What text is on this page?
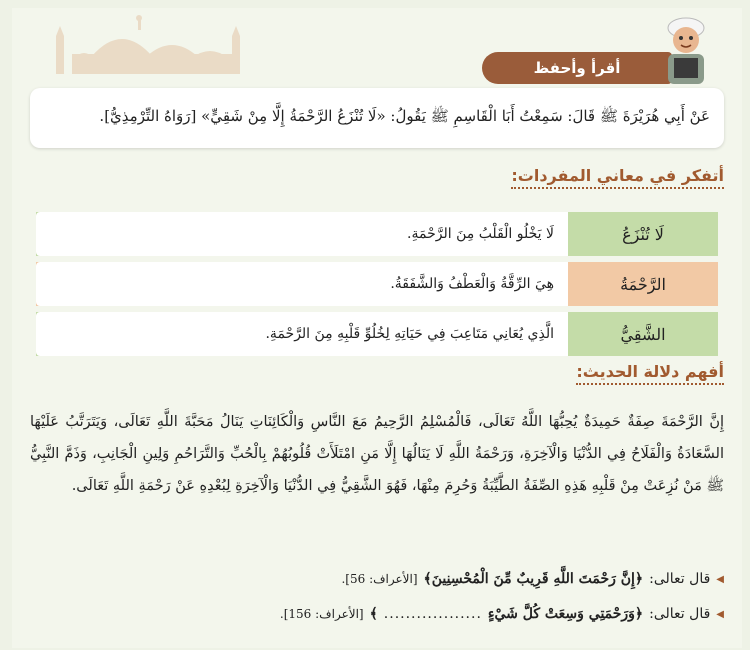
أقرأ وأحفظ
عَنْ أَبِي هُرَيْرَةَ ﷺ قَالَ: سَمِعْتُ أَبَا الْقَاسِمِ ﷺ يَقُولُ: «لَا تُنْزَعُ الرَّحْمَةُ إِلَّا مِنْ شَقِيٍّ» [رَوَاهُ التِّرْمِذِيُّ].
أتفكر في معاني المفردات:
لَا تُنْزَعُ
لَا يَخْلُو الْقَلْبُ مِنَ الرَّحْمَةِ.
الرَّحْمَةُ
هِيَ الرِّقَّةُ وَالْعَطْفُ وَالشَّفَقَةُ.
الشَّقِيُّ
الَّذِي يُعَانِي مَتَاعِبَ فِي حَيَاتِهِ لِخُلُوِّ قَلْبِهِ مِنَ الرَّحْمَةِ.
أفهم دلالة الحديث:
إِنَّ الرَّحْمَةَ صِفَةٌ حَمِيدَةٌ يُحِبُّهَا اللَّهُ تَعَالَى، فَالْمُسْلِمُ الرَّحِيمُ مَعَ النَّاسِ وَالْكَائِنَاتِ يَنَالُ مَحَبَّةَ اللَّهِ تَعَالَى، وَيَتَرَتَّبُ عَلَيْهَا السَّعَادَةُ وَالْفَلَاحُ فِي الدُّنْيَا وَالْآخِرَةِ، وَرَحْمَةُ اللَّهِ لَا يَنَالُهَا إِلَّا مَنِ امْتَلَأَتْ قُلُوبُهُمْ بِالْحُبِّ وَالتَّرَاحُمِ وَلِينِ الْجَانِبِ، وَذَمَّ النَّبِيُّ ﷺ مَنْ نُزِعَتْ مِنْ قَلْبِهِ هَذِهِ الصِّفَةُ الطَّيِّبَةُ وَحُرِمَ مِنْهَا، فَهُوَ الشَّقِيُّ فِي الدُّنْيَا وَالْآخِرَةِ لِبُعْدِهِ عَنْ رَحْمَةِ اللَّهِ تَعَالَى.
◀
قال تعالى:
﴿إِنَّ رَحْمَتَ اللَّهِ قَرِيبٌ مِّنَ الْمُحْسِنِينَ﴾
[الأعراف: 56].
◀
قال تعالى:
﴿وَرَحْمَتِي وَسِعَتْ كُلَّ شَيْءٍ
..................
﴾
[الأعراف: 156].
